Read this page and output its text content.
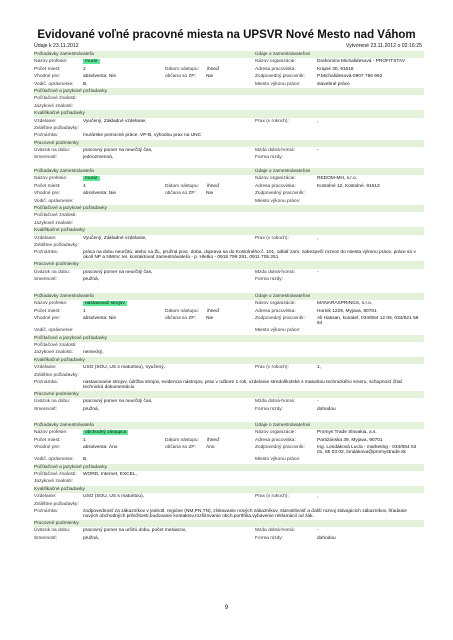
Evidované voľné pracovné miesta na UPSVR Nové Mesto nad Váhom
Údaje k 23.11.2012	Vytvorené 23.11.2012 o 02:16:25
Požiadavky zamestnávateľa	Údaje o zamestnávateľovi
Názov profesie:	murár	Názov organizácie:	Drahomíra Michalidesová - PROFITSTAV
Počet miest:	2	Dátum nástupu: ihneď	Adresa pracoviska:	Krajné 30, 91616
Vhodné pre:	absolventa: Nie	občana so ZP: Nie	Zodpovedný pracovník:	P.Michalidesová-0907 756 992
Vodič. oprávnenie: B,	Miesto výkonu práce:	stavebné práce
Počítačové a jazykové požiadavky
Počítačové znalosti:
Jazykové znalosti:
Kvalifikačné požiadavky
Vzdelanie:	Vyučený, Základné vzdelanie,	Prax (v rokoch):	,
Zvláštne požiadavky:
Poznámka:	murárske pomocné práce, VP-B, výhodou prax na UNC
Pracovné podmienky
Úväzok na dobu:	pracovný pomer na neurčitý čas,	Mzda dolná-horná:	-
Smennosť:	jednozmenná,	Forma mzdy:
Požiadavky zamestnávateľa	Údaje o zamestnávateľovi
Názov profesie:	murár	Názov organizácie:	REDOM-MH, s.r.o.
Počet miest:	4	Dátum nástupu: ihneď	Adresa pracoviska:	Kostolné 12, Kostolné, 91613
Vhodné pre:	absolventa: Nie	občana so ZP: Nie	Zodpovedný pracovník:
Vodič. oprávnenie:	Miesto výkonu práce:
Počítačové a jazykové požiadavky
Počítačové znalosti:
Jazykové znalosti:
Kvalifikačné požiadavky
Vzdelanie:	Vyučený, Základné vzdelanie,	Prax (v rokoch):	,
Zvláštne požiadavky:
Poznámka:	práca na dobu neurčitú, alebo na ŽL, pružná prac. doba, doprava sa do Kostolného č. 101, odtiaľ zam. zabezpečí rozvoz do miesta výkonu práce, práce sú v okolí NP a NMnV, tel. kontaktovať zamestnávateľa - p. Hletko - 0918 799 291, 0911 705 251
Pracovné podmienky
Úväzok na dobu:	pracovný pomer na neurčitý čas,	Mzda dolná-horná:	-
Smennosť:	pružná,	Forma mzdy:
Požiadavky zamestnávateľa	Údaje o zamestnávateľovi
Názov profesie:	nastavovač strojov	Názov organizácie:	MANARASPRINGS, s.r.o.
Počet miest:	1	Dátum nástupu: ihneď	Adresa pracoviska:	Hornik 1229, Myjava, 90701
Vhodné pre:	absolventa: Nie	občana so ZP: Nie	Zodpovedný pracovník:	Ali Hassan, konateľ, 034/654 12 05, 034/621 59 64
Vodič. oprávnenie:	Miesto výkonu práce:
Počítačové a jazykové požiadavky
Počítačové znalosti:
Jazykové znalosti: nemecký,
Kvalifikačné požiadavky
Vzdelanie:	USO (SOU, US s maturitou), Vyučený,	Prax (v rokoch):	1,
Zvláštne požiadavky:
Poznámka:	nastavovanie strojov, údržba strojov, evidencia nástrojov, prax v odbore 1 rok, vzdelanie stredoškolské s maturitou technického smeru, schopnosť čítať technickú dokumentáciu
Pracovné podmienky
Úväzok na dobu:	pracovný pomer na neurčitý čas,	Mzda dolná-horná:	-
Smennosť:	pružná,	Forma mzdy:	dohodou
Požiadavky zamestnávateľa	Údaje o zamestnávateľovi
Názov profesie:	obchodný zástupca	Názov organizácie:	Promys Trade Slovakia, a.s.
Počet miest:	1	Dátum nástupu: ihneď	Adresa pracoviska:	Partizánska 39, Myjava, 90701
Vhodné pre:	absolventa: Áno	občana so ZP: Áno	Zodpovedný pracovník:	Ing. Londáková Lucia - marketing - 034/654 03 01, 65 03 02, londakova@promystrade.sk
Vodič. oprávnenie: B,	Miesto výkonu práce:
Počítačové a jazykové požiadavky
Počítačové znalosti: WORD, Internet, EXCEL,
Jazykové znalosti:
Kvalifikačné požiadavky
Vzdelanie:	USO (SOU, US s maturitou),	Prax (v rokoch):	,
Zvláštne požiadavky:
Poznámka:	zodpovednosť za zákazníkov v jednotl. regióne (NM,PN,TN), získavanie nových zákazníkov, starostlivosť a ďalší rozvoj stávajúcich zákazníkov, hľadanie nových obchodných príležitostí,budovanie kontaktov,rozširovanie obch.portfólia,vybavenie reklamácií od zák.
Pracovné podmienky
Úväzok na dobu:	pracovný pomer na určitú dobu, počet mesiacov,	Mzda dolná-horná:	-
Smennosť:	pružná,	Forma mzdy:	dohodou
9
